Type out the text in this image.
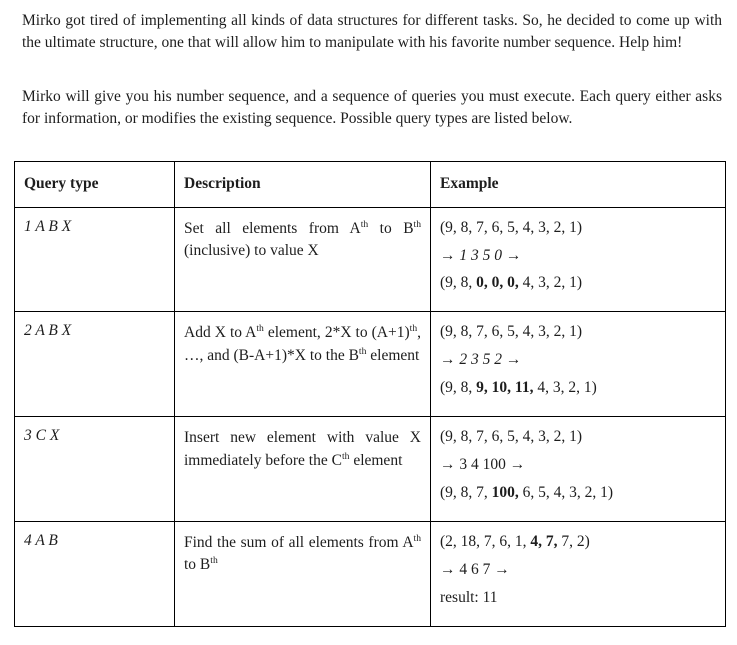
Mirko got tired of implementing all kinds of data structures for different tasks. So, he decided to come up with the ultimate structure, one that will allow him to manipulate with his favorite number sequence. Help him!

Mirko will give you his number sequence, and a sequence of queries you must execute. Each query either asks for information, or modifies the existing sequence. Possible query types are listed below.

Query type	Description	Example
1 A B X	Set all elements from $A^{th}$ to $B^{th}$ (inclusive) to value X	(9, 8, 7, 6, 5, 4, 3, 2, 1)
→ 1 3 5 0 →
(9, 8, 0, 0, 0, 4, 3, 2, 1)

2 A B X	Add X to $A^{th}$ element, 2*X to $(A+1)^{th}$, …, and (B-A+1)*X to the $B^{th}$ element	(9, 8, 7, 6, 5, 4, 3, 2, 1)
→ 2 3 5 2 →
(9, 8, 9, 10, 11, 4, 3, 2, 1)

3 C X	Insert new element with value X immediately before the Cth element	(9, 8, 7, 6, 5, 4, 3, 2, 1)
→ 3 4 100 →
(9, 8, 7, 100, 6, 5, 4, 3, 2, 1)

4 A B	Find the sum of all elements from $A^{th}$ to $B^{th}$	(2, 18, 7, 6, 1, 4, 7, 7, 2)
→ 4 6 7 →
result: 11
